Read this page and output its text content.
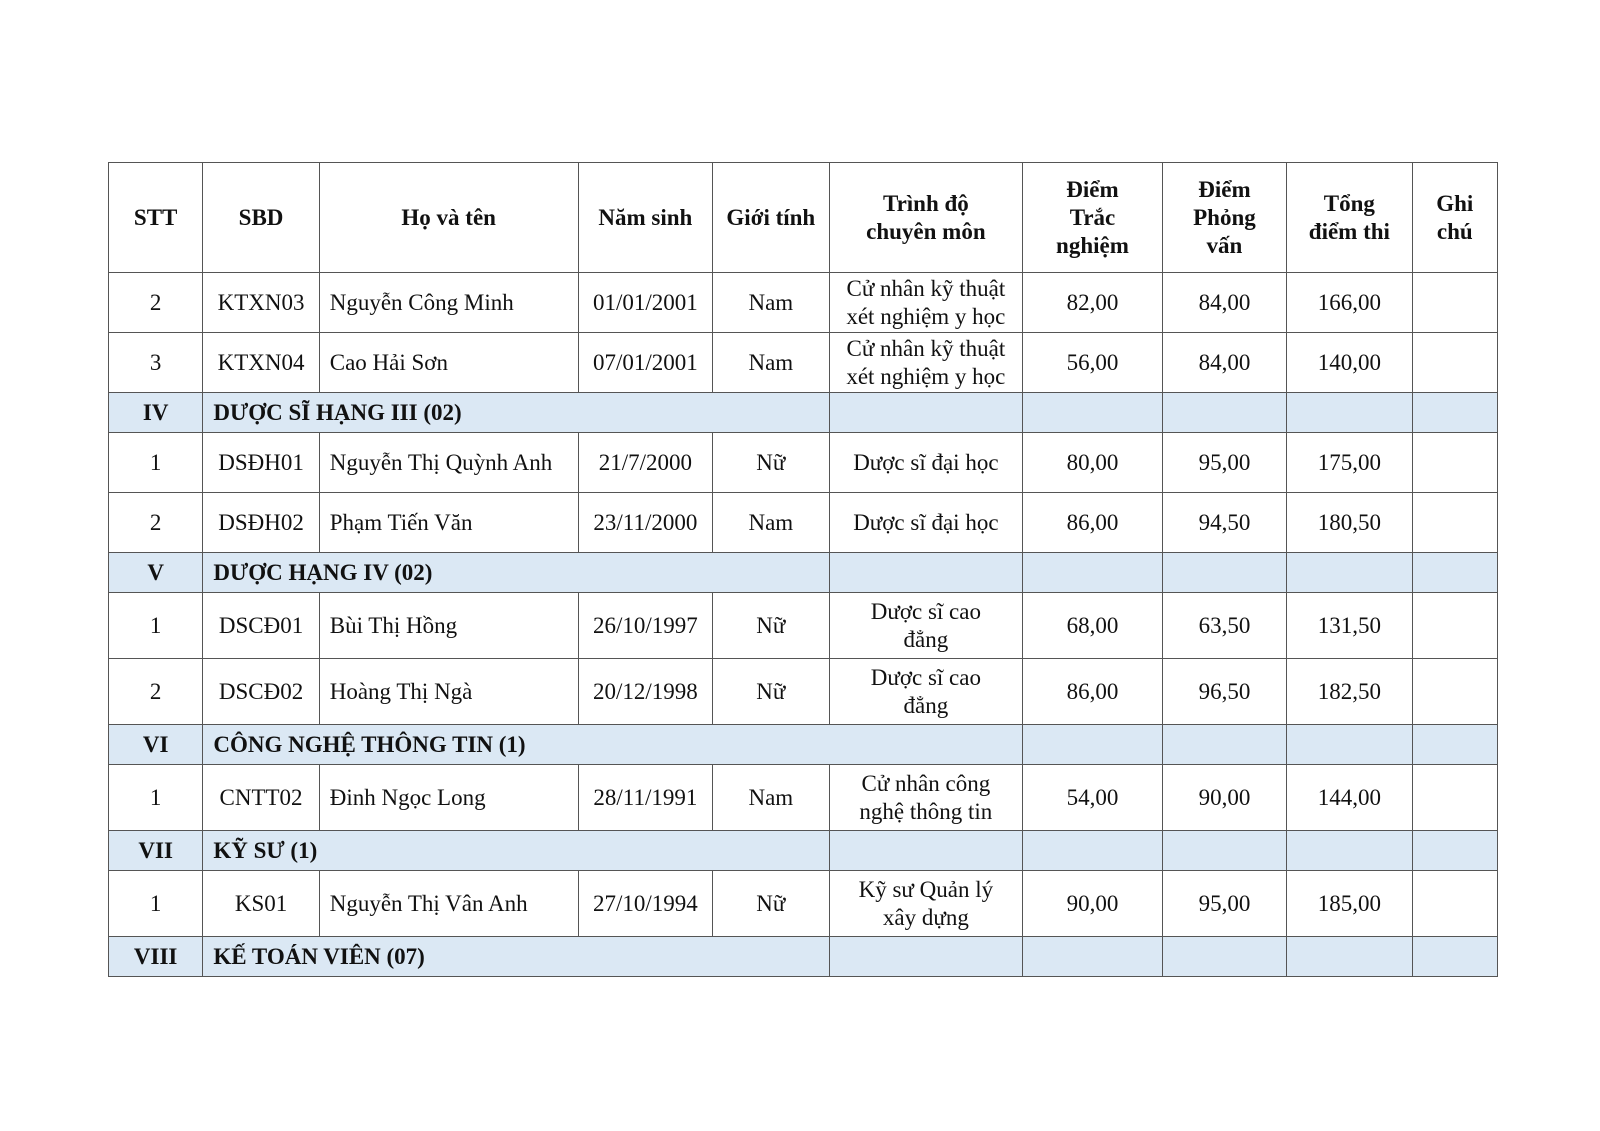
STT	SBD	Họ và tên	Năm sinh	Giới tính	Trình độ chuyên môn	Điểm Trắc nghiệm	Điểm Phỏng vấn	Tổng điểm thi	Ghi chú
2	KTXN03	Nguyễn Công Minh	01/01/2001	Nam	Cử nhân kỹ thuật xét nghiệm y học	82,00	84,00	166,00	
3	KTXN04	Cao Hải Sơn	07/01/2001	Nam	Cử nhân kỹ thuật xét nghiệm y học	56,00	84,00	140,00	
IV	DƯỢC SĨ HẠNG III (02)								
1	DSĐH01	Nguyễn Thị Quỳnh Anh	21/7/2000	Nữ	Dược sĩ đại học	80,00	95,00	175,00	
2	DSĐH02	Phạm Tiến Văn	23/11/2000	Nam	Dược sĩ đại học	86,00	94,50	180,50	
V	DƯỢC HẠNG IV (02)								
1	DSCĐ01	Bùi Thị Hồng	26/10/1997	Nữ	Dược sĩ cao đẳng	68,00	63,50	131,50	
2	DSCĐ02	Hoàng Thị Ngà	20/12/1998	Nữ	Dược sĩ cao đẳng	86,00	96,50	182,50	
VI	CÔNG NGHỆ THÔNG TIN (1)								
1	CNTT02	Đinh Ngọc Long	28/11/1991	Nam	Cử nhân công nghệ thông tin	54,00	90,00	144,00	
VII	KỸ SƯ (1)								
1	KS01	Nguyễn Thị Vân Anh	27/10/1994	Nữ	Kỹ sư Quản lý xây dựng	90,00	95,00	185,00	
VIII	KẾ TOÁN VIÊN (07)								
